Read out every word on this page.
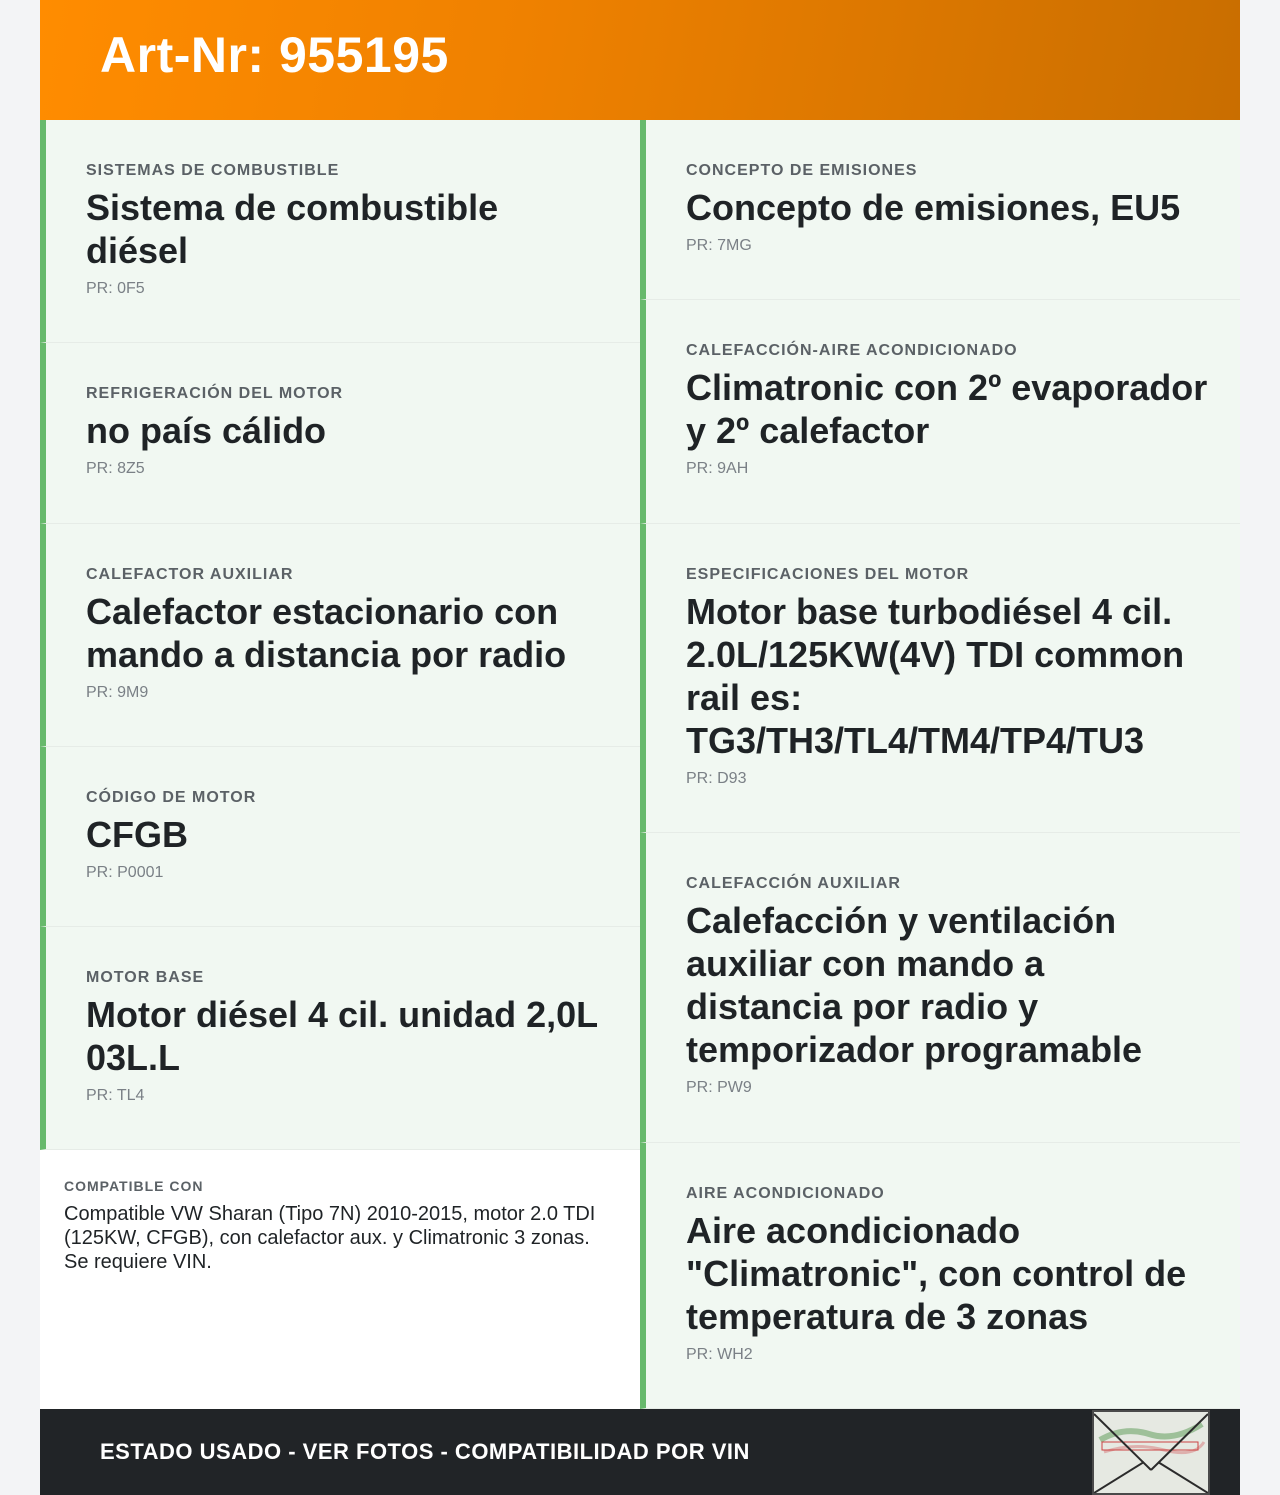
Art-Nr: 955195
SISTEMAS DE COMBUSTIBLE
Sistema de combustible diésel
PR: 0F5
REFRIGERACIÓN DEL MOTOR
no país cálido
PR: 8Z5
CALEFACTOR AUXILIAR
Calefactor estacionario con mando a distancia por radio
PR: 9M9
CÓDIGO DE MOTOR
CFGB
PR: P0001
MOTOR BASE
Motor diésel 4 cil. unidad 2,0L 03L.L
PR: TL4
CONCEPTO DE EMISIONES
Concepto de emisiones, EU5
PR: 7MG
CALEFACCIÓN-AIRE ACONDICIONADO
Climatronic con 2º evaporador y 2º calefactor
PR: 9AH
ESPECIFICACIONES DEL MOTOR
Motor base turbodiésel 4 cil. 2.0L/125KW(4V) TDI common rail es: TG3/TH3/TL4/TM4/TP4/TU3
PR: D93
CALEFACCIÓN AUXILIAR
Calefacción y ventilación auxiliar con mando a distancia por radio y temporizador programable
PR: PW9
AIRE ACONDICIONADO
Aire acondicionado "Climatronic", con control de temperatura de 3 zonas
PR: WH2
COMPATIBLE CON
Compatible VW Sharan (Tipo 7N) 2010-2015, motor 2.0 TDI (125KW, CFGB), con calefactor aux. y Climatronic 3 zonas. Se requiere VIN.
ESTADO USADO - VER FOTOS - COMPATIBILIDAD POR VIN
